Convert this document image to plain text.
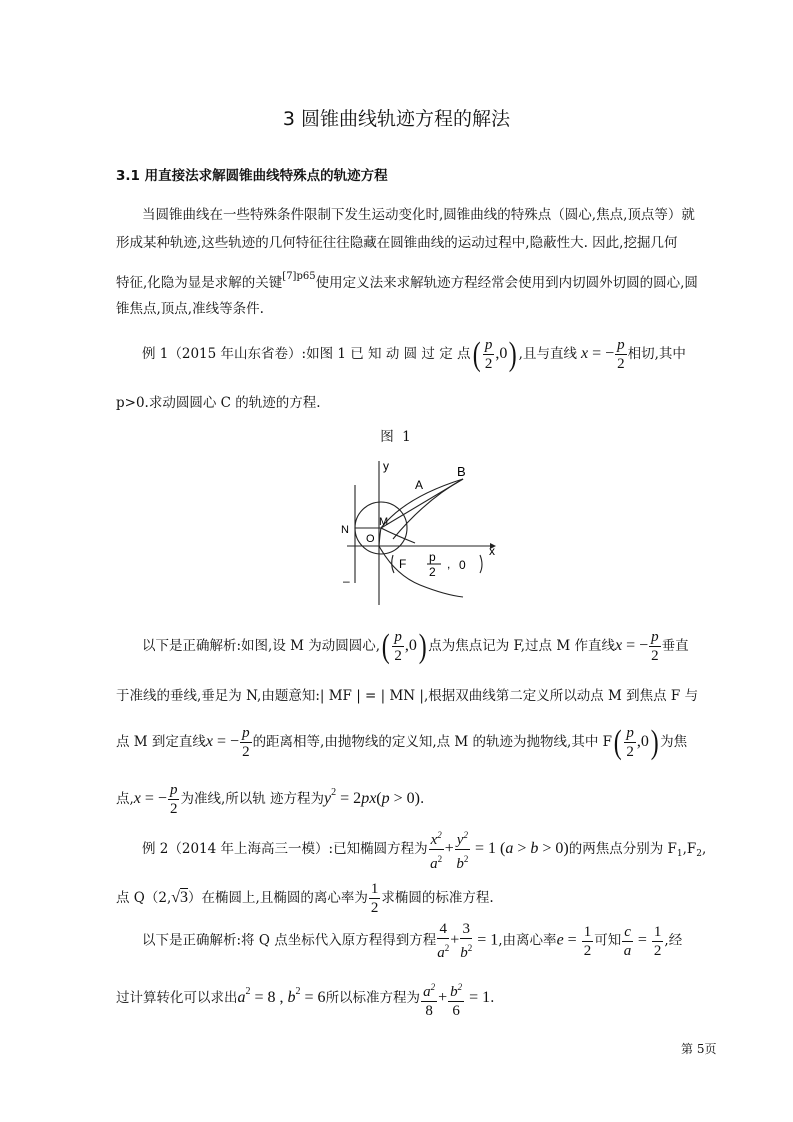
3 圆锥曲线轨迹方程的解法
3.1 用直接法求解圆锥曲线特殊点的轨迹方程
当圆锥曲线在一些特殊条件限制下发生运动变化时,圆锥曲线的特殊点（圆心,焦点,顶点等）就
形成某种轨迹,这些轨迹的几何特征往往隐藏在圆锥曲线的运动过程中,隐蔽性大. 因此,挖掘几何
特征,化隐为显是求解的关键$^{[7]p65}$使用定义法来求解轨迹方程经常会使用到内切圆外切圆的圆心,圆
锥焦点,顶点,准线等条件.
例 1（2015 年山东省卷）:如图 1 已 知 动 圆 过 定 点( $\frac{p}{2} ,0$) ,且与直线 x = − $\frac{p}{2}$ 相切,其中
p>0.求动圆圆心 C 的轨迹的方程.
图 1
y
x
B
A
M
N
O
F p
2
, 0
–
以下是正确解析:如图,设 M 为动圆圆心,( $\frac{p}{2} ,0$) 点为焦点记为 F,过点 M 作直线x = − $\frac{p}{2}$ 垂直
于准线的垂线,垂足为 N,由题意知:| MF | = | MN |,根据双曲线第二定义所以动点 M 到焦点 F 与
点 M 到定直线x = − $\frac{p}{2}$ 的距离相等,由抛物线的定义知,点 M 的轨迹为抛物线,其中 $F( \frac{p}{2} ,0)$ 为焦
点,x = − $\frac{p}{2}$ 为准线,所以轨 迹方程为$y^2 = 2px(p > 0)$.
例 2（2014 年上海高三一模）:已知椭圆方程为 $\frac{x^2}{a^2} + \frac{y^2}{b^2} = 1$ (a > b > 0)的两焦点分别为 $F_1,F_2$,
点 Q（2,√3）在椭圆上,且椭圆的离心率为 $\frac{1}{2}$ 求椭圆的标准方程.
以下是正确解析:将 Q 点坐标代入原方程得到方程 $\frac{4}{a^2} + \frac{3}{b^2} = 1$,由离心率$e = \frac{1}{2}$ 可知 $\frac{c}{a} = \frac{1}{2}$ ,经
过计算转化可以求出$a^2 = 8$ , $b^2 = 6$所以标准方程为 $\frac{a^2}{8} + \frac{b^2}{6} = 1$.
第 5页
